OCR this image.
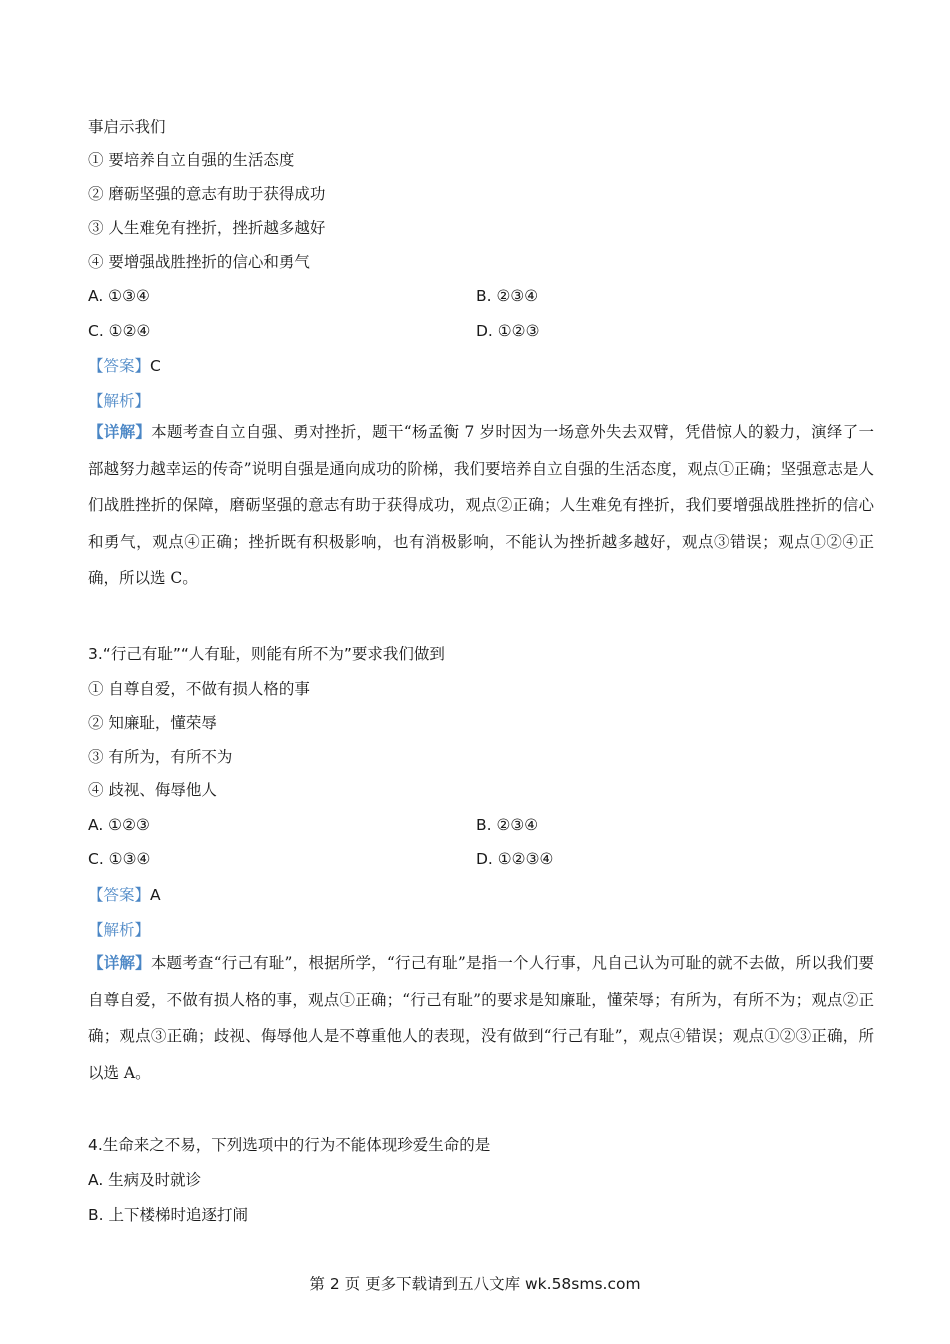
事启示我们
① 要培养自立自强的生活态度
② 磨砺坚强的意志有助于获得成功
③ 人生难免有挫折，挫折越多越好
④ 要增强战胜挫折的信心和勇气
A. ①③④	B. ②③④
C. ①②④	D. ①②③
【答案】C
【解析】
【详解】本题考查自立自强、勇对挫折，题干“杨孟衡 7 岁时因为一场意外失去双臂，凭借惊人的毅力，演绎了一部越努力越幸运的传奇”说明自强是通向成功的阶梯，我们要培养自立自强的生活态度，观点①正确；坚强意志是人们战胜挫折的保障，磨砺坚强的意志有助于获得成功，观点②正确；人生难免有挫折，我们要增强战胜挫折的信心和勇气，观点④正确；挫折既有积极影响，也有消极影响，不能认为挫折越多越好，观点③错误；观点①②④正确，所以选 C。
3.“行己有耻”“人有耻，则能有所不为”要求我们做到
① 自尊自爱，不做有损人格的事
② 知廉耻，懂荣辱
③ 有所为，有所不为
④ 歧视、侮辱他人
A. ①②③	B. ②③④
C. ①③④	D. ①②③④
【答案】A
【解析】
【详解】本题考查“行己有耻”，根据所学，“行己有耻”是指一个人行事，凡自己认为可耻的就不去做，所以我们要自尊自爱，不做有损人格的事，观点①正确；“行己有耻”的要求是知廉耻，懂荣辱；有所为，有所不为；观点②正确；观点③正确；歧视、侮辱他人是不尊重他人的表现，没有做到“行己有耻”，观点④错误；观点①②③正确，所以选 A。
4.生命来之不易，下列选项中的行为不能体现珍爱生命的是
A. 生病及时就诊
B. 上下楼梯时追逐打闹
第 2 页 更多下载请到五八文库 wk.58sms.com
